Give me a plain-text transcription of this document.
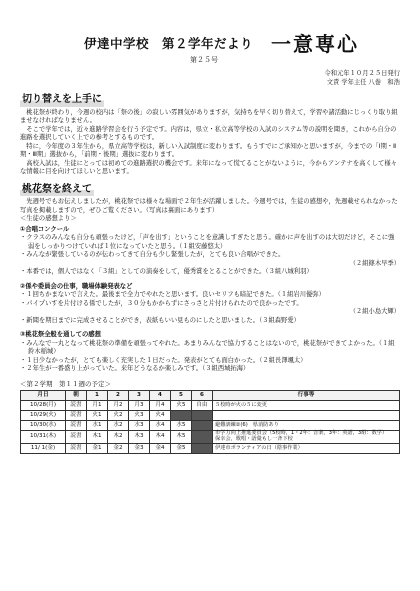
伊達中学校　第２学年だより 一意専心
第２５号
令和元年１０月２５日発行
文責 学年主任 八巻　和浩
切り替えを上手に

桃花祭が終わり，今週の校内は「祭の後」の寂しい雰囲気がありますが，気持ちを早く切り替えて，学習や諸活動にじっくり取り組ませなければなりません。

そこで学年では，近々進路学習会を行う予定です。内容は，県立・私立高等学校の入試のシステム等の説明を聞き，これから自分の進路を選択していく上での参考とするものです。

特に，今年度の３年生から，県立高等学校は，新しい入試制度に変わります。もうすでにご承知かと思いますが，今までの「Ⅰ期・Ⅱ期・Ⅲ期」選抜から，「前期・後期」選抜に変わります。

高校入試は，生徒にとっては初めての進路選択の機会です。来年になって慌てることがないように，今からアンテナを高くして様々な情報に目を向けてほしいと思います。

桃花祭を終えて

先週号でもお伝えしましたが，桃花祭では様々な場面で２年生が活躍しました。今週号では，生徒の感想や，先週載せられなかった写真を掲載しますので，ぜひご覧ください。（写真は裏面にあります）

＜生徒の感想より＞
①合唱コンクール
・クラスのみんなも自分も頑張ったけど，「声を出す」ということを意識しすぎたと思う。確かに声を出すのは大切だけど，そこに強弱をしっかりつけていれば１位になっていたと思う。（１組安藤悠太）
・みんなが緊張しているのが伝わってきて自分も少し緊張したが，とても良い合唱ができた。
（２組篠木早季）
・本番では，個人ではなく「３組」としての演奏をして，優秀賞をとることができた。（３組八城利羽）
②係や委員会の仕事，職場体験発表など
・１回ちかまないで言えた。最後まで全力でやれたと思います。良いセリフも暗記できた。（１組岩川優弥）
・パイプいすを片付ける係でしたが，３０分もかからずにさっさと片付けられたので良かったです。
（２組小島大輝）
・新聞を期日までに完成させることができ，表紙もいい見ものにしたと思いました。（３組森野愛）
③桃花祭全般を通しての感想
・みんなで一丸となって桃花祭の準備を頑張ってやれた。あまりみんなで協力することはないので，桃花祭ができてよかった。（１組鈴木稲城）
・１日少なかったが，とても楽しく充実した１日だった。発表がとても面白かった。（２組長澤颯太）
・２年生が一番盛り上がっていた。来年どうなるか楽しみです。（３組西城拓海）
＜第２学期　第１１週の予定＞
月日	朝	1	2	3	4	5	6	行事等
10/28(月)	読書	月1	月2	月3	月4	火5	自由	５校時が火の５に変更
10/29(火)	読書	火1	火2	火3	火4			
10/30(水)	読書	水1	水2	水3	水4	水5		避難訓練②(6)　県消防あり
10/31(木)	読書	木1	木2	木3	木4	木5		市学力向上推進委員会（5校時，1・2年：音楽，3年：英語，3組：数学）　　保幸会，歌唱・語彙もし一斉下校
11/ 1(金)	読書	金1	金2	金3	金4	金5		伊達市ボランティアの日（陰事作業）
